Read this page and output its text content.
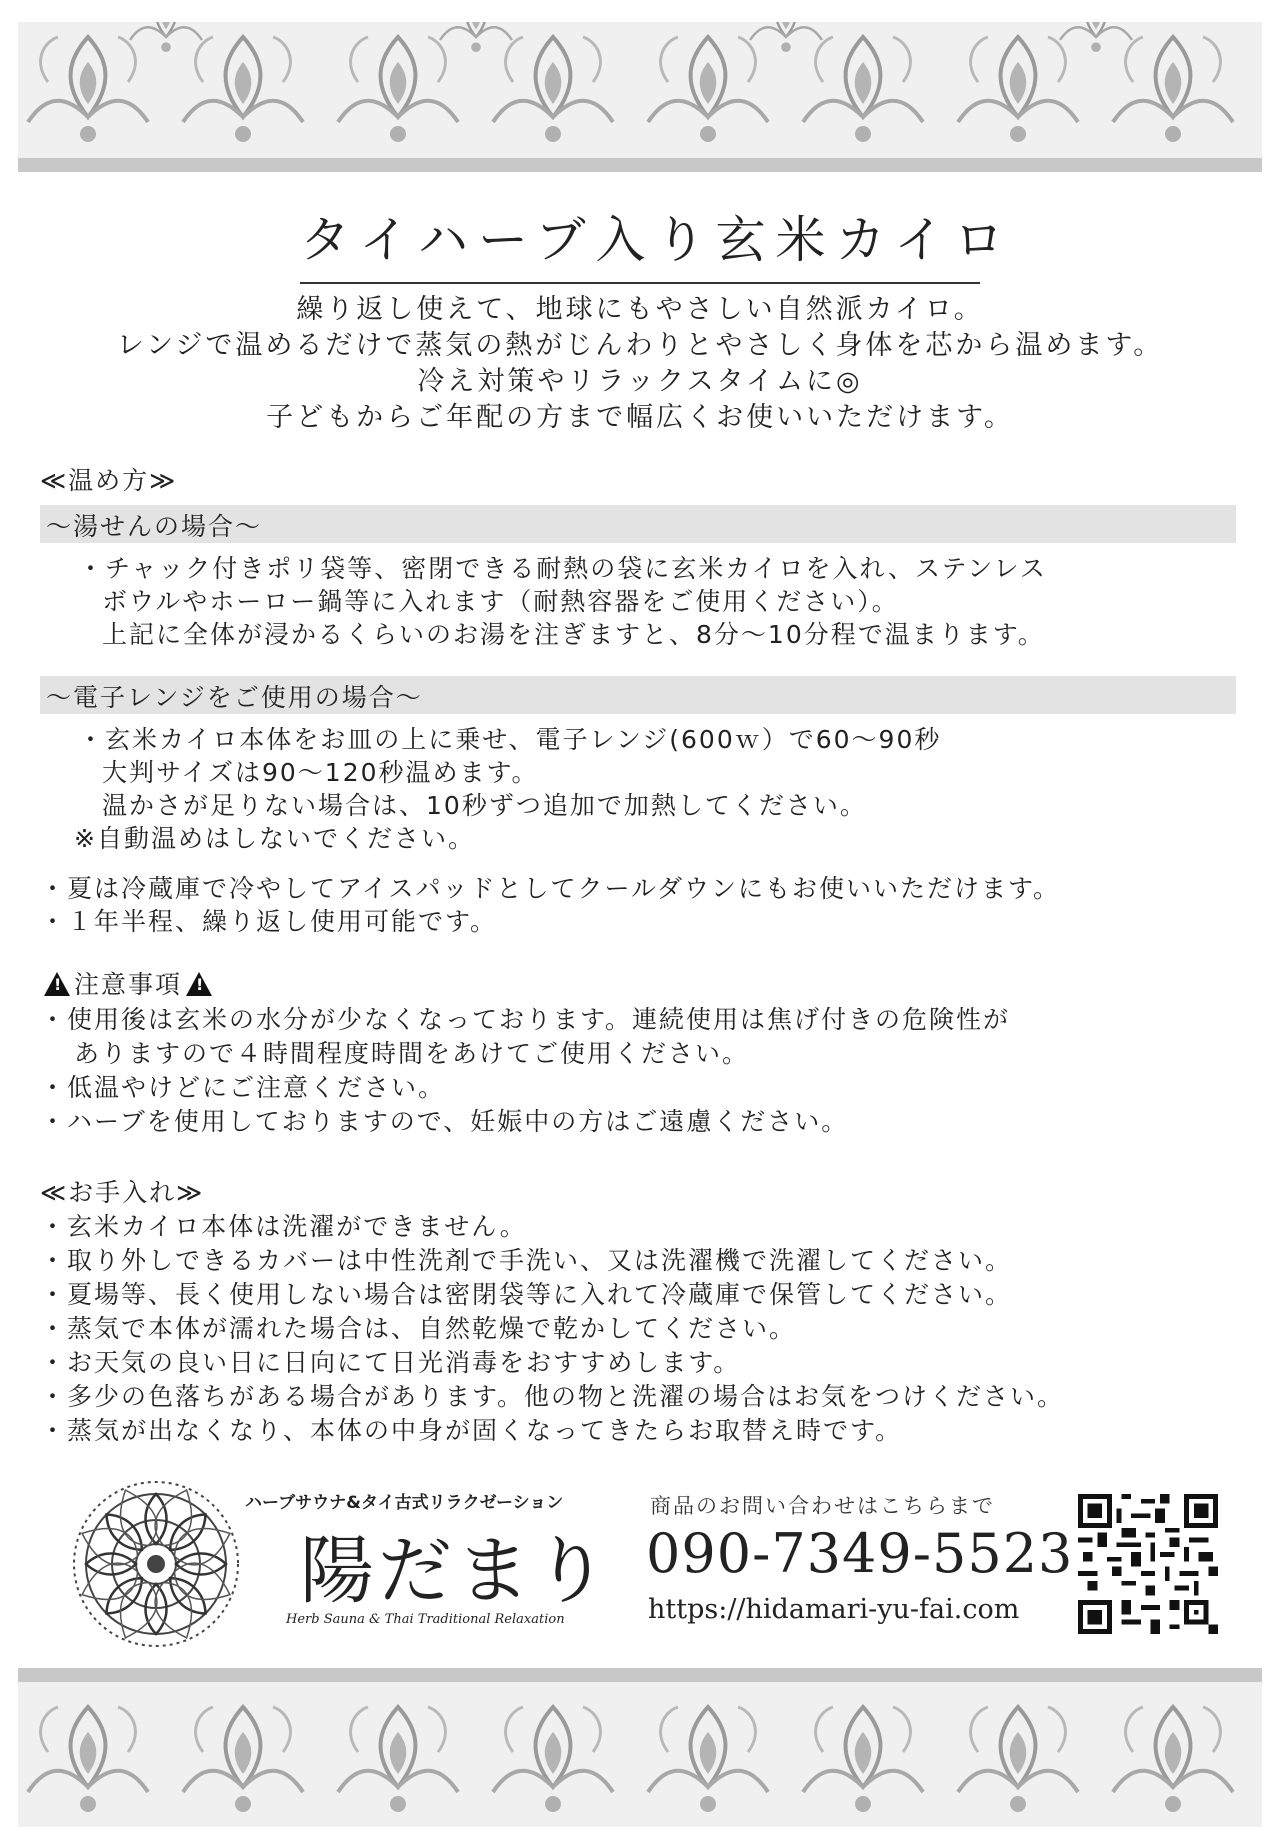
タイハーブ入り玄米カイロ
繰り返し使えて、地球にもやさしい自然派カイロ。
レンジで温めるだけで蒸気の熱がじんわりとやさしく身体を芯から温めます。
冷え対策やリラックスタイムに◎
子どもからご年配の方まで幅広くお使いいただけます。
≪温め方≫
〜湯せんの場合〜
・チャック付きポリ袋等、密閉できる耐熱の袋に玄米カイロを入れ、ステンレス
ボウルやホーロー鍋等に入れます（耐熱容器をご使用ください）。
上記に全体が浸かるくらいのお湯を注ぎますと、8分〜10分程で温まります。
〜電子レンジをご使用の場合〜
・玄米カイロ本体をお皿の上に乗せ、電子レンジ(600ｗ）で60〜90秒
大判サイズは90〜120秒温めます。
温かさが足りない場合は、10秒ずつ追加で加熱してください。
※自動温めはしないでください。
・夏は冷蔵庫で冷やしてアイスパッドとしてクールダウンにもお使いいただけます。
・１年半程、繰り返し使用可能です。
!注意事項!
・使用後は玄米の水分が少なくなっております。連続使用は焦げ付きの危険性が
ありますので４時間程度時間をあけてご使用ください。
・低温やけどにご注意ください。
・ハーブを使用しておりますので、妊娠中の方はご遠慮ください。
≪お手入れ≫
・玄米カイロ本体は洗濯ができません。
・取り外しできるカバーは中性洗剤で手洗い、又は洗濯機で洗濯してください。
・夏場等、長く使用しない場合は密閉袋等に入れて冷蔵庫で保管してください。
・蒸気で本体が濡れた場合は、自然乾燥で乾かしてください。
・お天気の良い日に日向にて日光消毒をおすすめします。
・多少の色落ちがある場合があります。他の物と洗濯の場合はお気をつけください。
・蒸気が出なくなり、本体の中身が固くなってきたらお取替え時です。
ハーブサウナ&タイ古式リラクゼーション
陽だまり
Herb Sauna & Thai Traditional Relaxation
商品のお問い合わせはこちらまで
090-7349-5523
https://hidamari-yu-fai.com
